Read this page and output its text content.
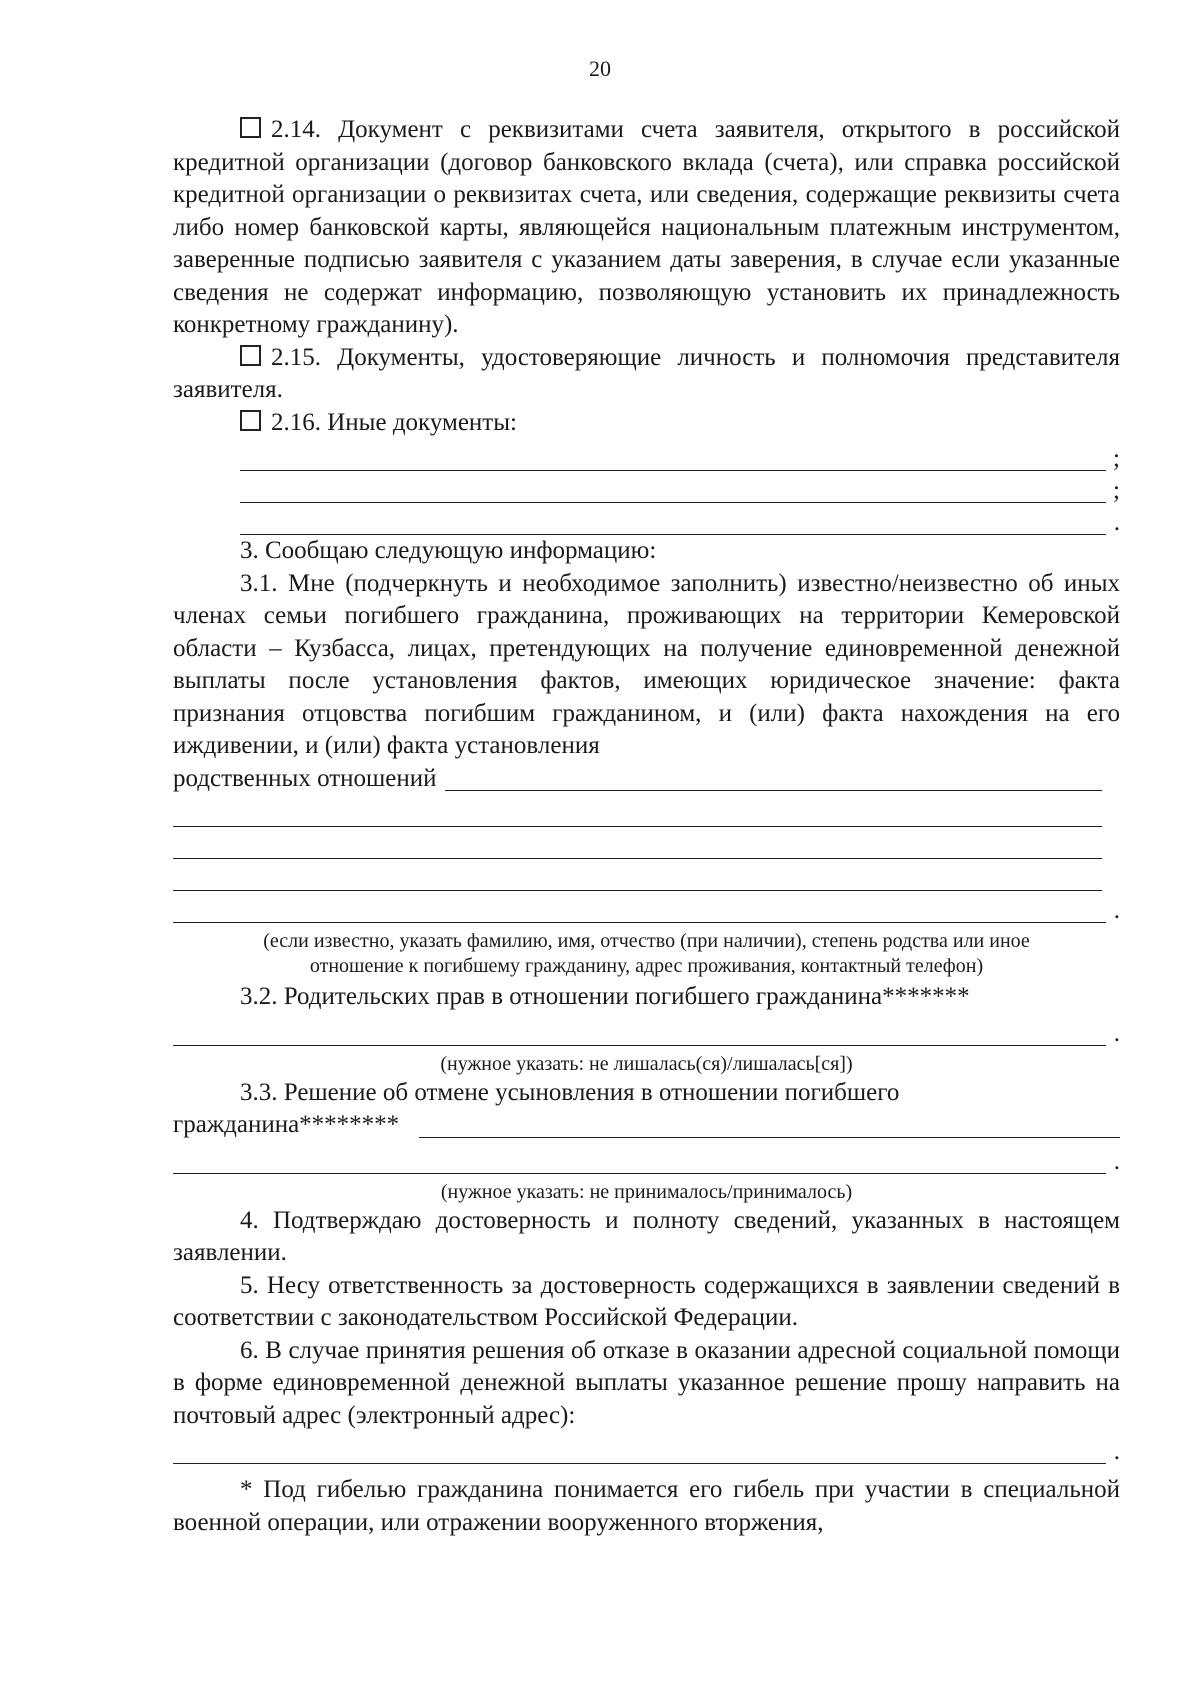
20

2.14. Документ с реквизитами счета заявителя, открытого в российской кредитной организации (договор банковского вклада (счета), или справка российской кредитной организации о реквизитах счета, или сведения, содержащие реквизиты счета либо номер банковской карты, являющейся национальным платежным инструментом, заверенные подписью заявителя с указанием даты заверения, в случае если указанные сведения не содержат информацию, позволяющую установить их принадлежность конкретному гражданину).

2.15. Документы, удостоверяющие личность и полномочия представителя заявителя.

2.16. Иные документы:

;
;
.

3. Сообщаю следующую информацию:

3.1. Мне (подчеркнуть и необходимое заполнить) известно/неизвестно об иных членах семьи погибшего гражданина, проживающих на территории Кемеровской области – Кузбасса, лицах, претендующих на получение единовременной денежной выплаты после установления фактов, имеющих юридическое значение: факта признания отцовства погибшим гражданином, и (или) факта нахождения на его иждивении, и (или) факта установления

родственных отношений
.

(если известно, указать фамилию, имя, отчество (при наличии), степень родства или иное отношение к погибшему гражданину, адрес проживания, контактный телефон)

3.2. Родительских прав в отношении погибшего гражданина*******

.

(нужное указать: не лишалась(ся)/лишалась[ся])

3.3. Решение об отмене усыновления в отношении погибшего

гражданина********
.

(нужное указать: не принималось/принималось)

4. Подтверждаю достоверность и полноту сведений, указанных в настоящем заявлении.

5. Несу ответственность за достоверность содержащихся в заявлении сведений в соответствии с законодательством Российской Федерации.

6. В случае принятия решения об отказе в оказании адресной социальной помощи в форме единовременной денежной выплаты указанное решение прошу направить на почтовый адрес (электронный адрес):

.

* Под гибелью гражданина понимается его гибель при участии в специальной военной операции, или отражении вооруженного вторжения,
